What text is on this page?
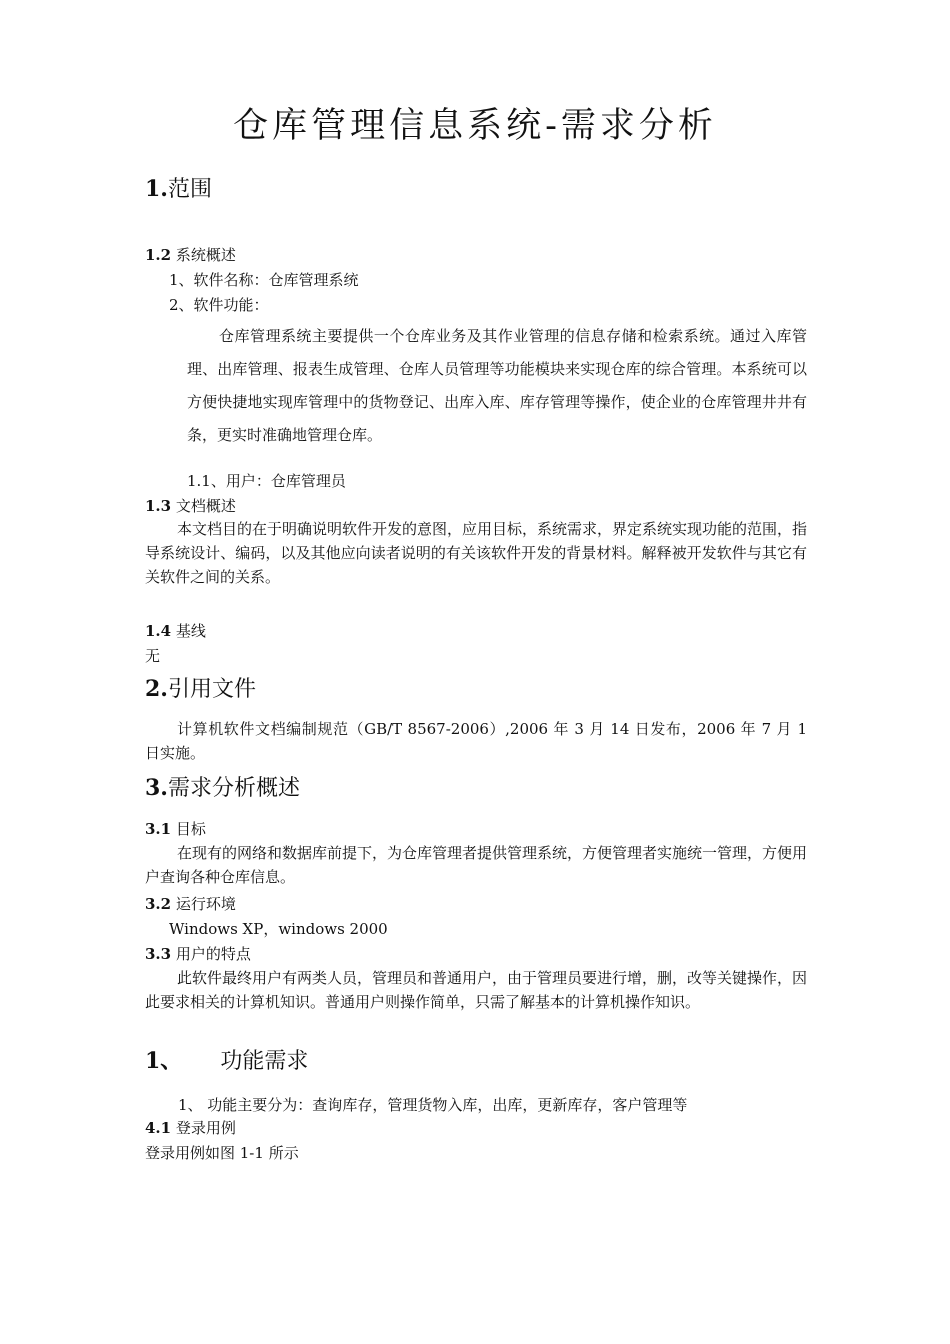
仓库管理信息系统-需求分析
1.范围
1.2 系统概述
1、软件名称：仓库管理系统
2、软件功能：
仓库管理系统主要提供一个仓库业务及其作业管理的信息存储和检索系统。通过入库管理、出库管理、报表生成管理、仓库人员管理等功能模块来实现仓库的综合管理。本系统可以方便快捷地实现库管理中的货物登记、出库入库、库存管理等操作，使企业的仓库管理井井有条，更实时准确地管理仓库。
1.1、用户：仓库管理员
1.3 文档概述
本文档目的在于明确说明软件开发的意图，应用目标，系统需求，界定系统实现功能的范围，指导系统设计、编码，以及其他应向读者说明的有关该软件开发的背景材料。解释被开发软件与其它有关软件之间的关系。
1.4 基线
无
2.引用文件
计算机软件文档编制规范（GB/T 8567-2006）,2006 年 3 月 14 日发布，2006 年 7 月 1 日实施。
3.需求分析概述
3.1 目标
在现有的网络和数据库前提下，为仓库管理者提供管理系统，方便管理者实施统一管理，方便用户查询各种仓库信息。
3.2 运行环境
Windows XP，windows 2000
3.3 用户的特点
此软件最终用户有两类人员，管理员和普通用户，由于管理员要进行增，删，改等关键操作，因此要求相关的计算机知识。普通用户则操作简单，只需了解基本的计算机操作知识。
1、 功能需求
1、 功能主要分为：查询库存，管理货物入库，出库，更新库存，客户管理等
4.1 登录用例
登录用例如图 1-1 所示
